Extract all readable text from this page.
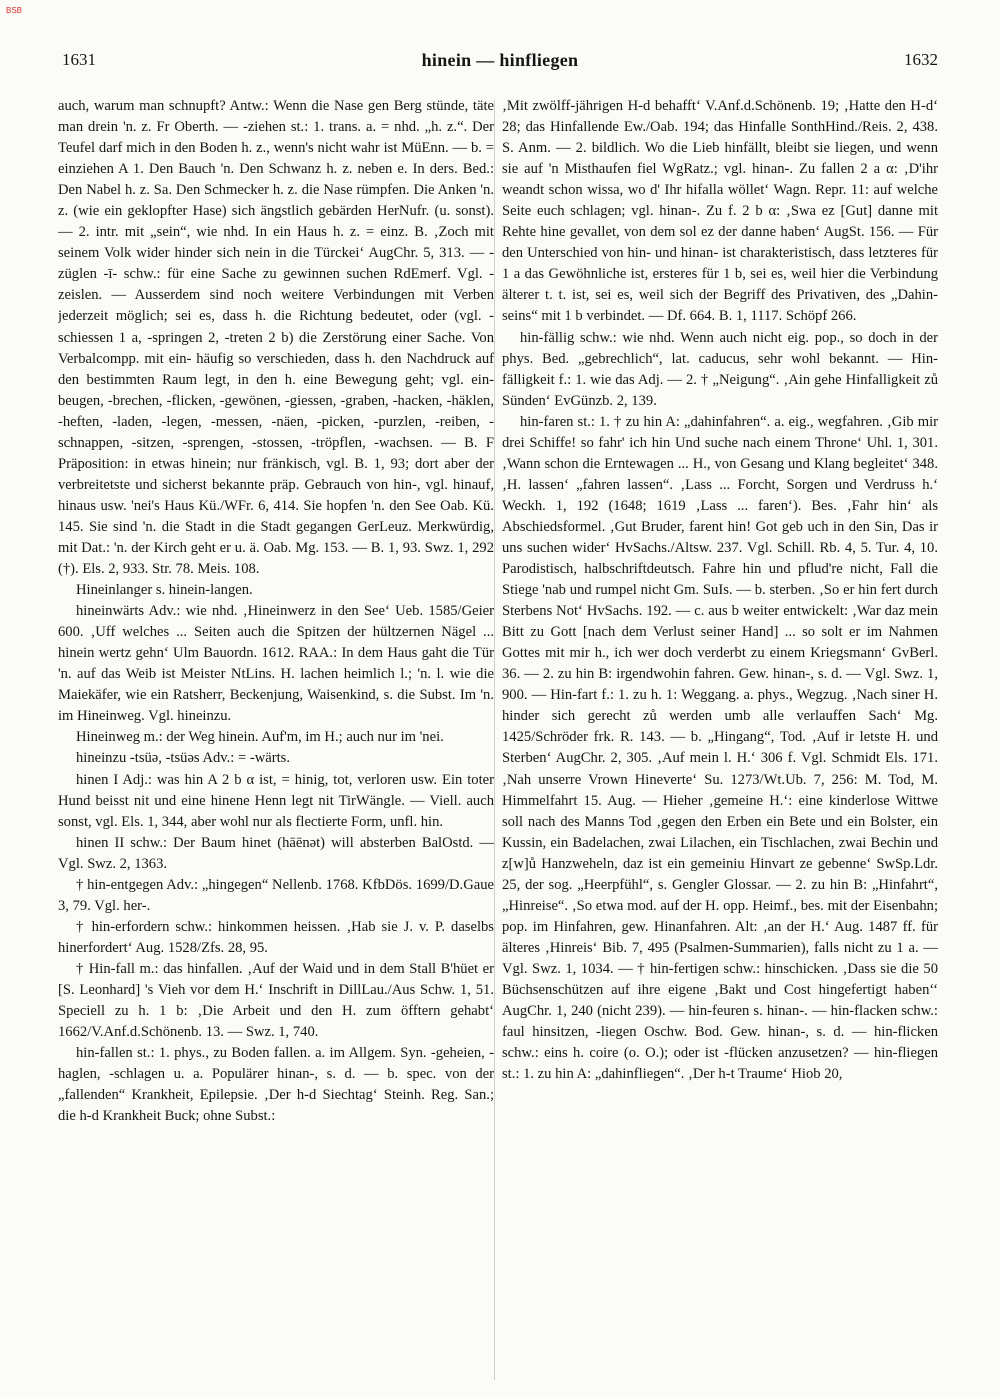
BSB
1631	hinein — hinfliegen	1632

auch, warum man schnupft? Antw.: Wenn die Nase gen Berg stünde, täte man drein 'n. z. Fr Oberth. — -ziehen st.: 1. trans. a. = nhd. „h. z.“. Der Teufel darf mich in den Boden h. z., wenn's nicht wahr ist MüEnn. — b. = einziehen A 1. Den Bauch 'n. Den Schwanz h. z. neben e. In ders. Bed.: Den Nabel h. z. Sa. Den Schmecker h. z. die Nase rümpfen. Die Anken 'n. z. (wie ein geklopfter Hase) sich ängstlich gebärden HerNufr. (u. sonst). — 2. intr. mit „sein“, wie nhd. In ein Haus h. z. = einz. B. ‚Zoch mit seinem Volk wider hinder sich nein in die Türckei‘ AugChr. 5, 313. — -züglen -ī- schw.: für eine Sache zu gewinnen suchen RdEmerf. Vgl. -zeislen. — Ausserdem sind noch weitere Verbindungen mit Verben jederzeit möglich; sei es, dass h. die Richtung bedeutet, oder (vgl. -schiessen 1 a, -springen 2, -treten 2 b) die Zerstörung einer Sache. Von Verbalcompp. mit ein- häufig so verschieden, dass h. den Nachdruck auf den bestimmten Raum legt, in den h. eine Bewegung geht; vgl. ein-beugen, -brechen, -flicken, -gewönen, -giessen, -graben, -hacken, -häklen, -heften, -laden, -legen, -messen, -näen, -picken, -purzlen, -reiben, -schnappen, -sitzen, -sprengen, -stossen, -tröpflen, -wachsen. — B. F Präposition: in etwas hinein; nur fränkisch, vgl. B. 1, 93; dort aber der verbreitetste und sicherst bekannte präp. Gebrauch von hin-, vgl. hinauf, hinaus usw. 'nei's Haus Kü./WFr. 6, 414. Sie hopfen 'n. den See Oab. Kü. 145. Sie sind 'n. die Stadt in die Stadt gegangen GerLeuz. Merkwürdig, mit Dat.: 'n. der Kirch geht er u. ä. Oab. Mg. 153. — B. 1, 93. Swz. 1, 292 (†). Els. 2, 933. Str. 78. Meis. 108.

Hineinlanger s. hinein-langen.

hineinwärts Adv.: wie nhd. ‚Hineinwerz in den See‘ Ueb. 1585/Geier 600. ‚Uff welches ... Seiten auch die Spitzen der hültzernen Nägel ... hinein wertz gehn‘ Ulm Bauordn. 1612. RAA.: In dem Haus gaht die Tür 'n. auf das Weib ist Meister NtLins. H. lachen heimlich l.; 'n. l. wie die Maiekäfer, wie ein Ratsherr, Beckenjung, Waisenkind, s. die Subst. Im 'n. im Hineinweg. Vgl. hineinzu.

Hineinweg m.: der Weg hinein. Auf'm, im H.; auch nur im 'nei.

hineinzu -tsüə, -tsüəs Adv.: = -wärts.

hinen I Adj.: was hin A 2 b α ist, = hinig, tot, verloren usw. Ein toter Hund beisst nit und eine hinene Henn legt nit TirWängle. — Viell. auch sonst, vgl. Els. 1, 344, aber wohl nur als flectierte Form, unfl. hin.

hinen II schw.: Der Baum hinet (hāēnət) will absterben BalOstd. — Vgl. Swz. 2, 1363.

† hin-entgegen Adv.: „hingegen“ Nellenb. 1768. KfbDös. 1699/D.Gaue 3, 79. Vgl. her-.

† hin-erfordern schw.: hinkommen heissen. ‚Hab sie J. v. P. daselbs hinerfordert‘ Aug. 1528/Zfs. 28, 95.

† Hin-fall m.: das hinfallen. ‚Auf der Waid und in dem Stall B'hüet er [S. Leonhard] 's Vieh vor dem H.‘ Inschrift in DillLau./Aus Schw. 1, 51. Speciell zu h. 1 b: ‚Die Arbeit und den H. zum öfftern gehabt‘ 1662/V.Anf.d.Schönenb. 13. — Swz. 1, 740.

hin-fallen st.: 1. phys., zu Boden fallen. a. im Allgem. Syn. -geheien, -haglen, -schlagen u. a. Populärer hinan-, s. d. — b. spec. von der „fallenden“ Krankheit, Epilepsie. ‚Der h-d Siechtag‘ Steinh. Reg. San.; die h-d Krankheit Buck; ohne Subst.:

‚Mit zwölff-jährigen H-d behafft‘ V.Anf.d.Schönenb. 19; ‚Hatte den H-d‘ 28; das Hinfallende Ew./Oab. 194; das Hinfalle SonthHind./Reis. 2, 438. S. Anm. — 2. bildlich. Wo die Lieb hinfällt, bleibt sie liegen, und wenn sie auf 'n Misthaufen fiel WgRatz.; vgl. hinan-. Zu fallen 2 a α: ‚D'ihr weandt schon wissa, wo d' Ihr hifalla wöllet‘ Wagn. Repr. 11: auf welche Seite euch schlagen; vgl. hinan-. Zu f. 2 b α: ‚Swa ez [Gut] danne mit Rehte hine gevallet, von dem sol ez der danne haben‘ AugSt. 156. — Für den Unterschied von hin- und hinan- ist charakteristisch, dass letzteres für 1 a das Gewöhnliche ist, ersteres für 1 b, sei es, weil hier die Verbindung älterer t. t. ist, sei es, weil sich der Begriff des Privativen, des „Dahin-seins“ mit 1 b verbindet. — Df. 664. B. 1, 1117. Schöpf 266.

hin-fällig schw.: wie nhd. Wenn auch nicht eig. pop., so doch in der phys. Bed. „gebrechlich“, lat. caducus, sehr wohl bekannt. — Hin-fälligkeit f.: 1. wie das Adj. — 2. † „Neigung“. ‚Ain gehe Hinfalligkeit zů Sünden‘ EvGünzb. 2, 139.

hin-faren st.: 1. † zu hin A: „dahinfahren“. a. eig., wegfahren. ‚Gib mir drei Schiffe! so fahr' ich hin Und suche nach einem Throne‘ Uhl. 1, 301. ‚Wann schon die Erntewagen ... H., von Gesang und Klang begleitet‘ 348. ‚H. lassen‘ „fahren lassen“. ‚Lass ... Forcht, Sorgen und Verdruss h.‘ Weckh. 1, 192 (1648; 1619 ‚Lass ... faren‘). Bes. ‚Fahr hin‘ als Abschiedsformel. ‚Gut Bruder, farent hin! Got geb uch in den Sin, Das ir uns suchen wider‘ HvSachs./Altsw. 237. Vgl. Schill. Rb. 4, 5. Tur. 4, 10. Parodistisch, halbschriftdeutsch. Fahre hin und pflud're nicht, Fall die Stiege 'nab und rumpel nicht Gm. SuIs. — b. sterben. ‚So er hin fert durch Sterbens Not‘ HvSachs. 192. — c. aus b weiter entwickelt: ‚War daz mein Bitt zu Gott [nach dem Verlust seiner Hand] ... so solt er im Nahmen Gottes mit mir h., ich wer doch verderbt zu einem Kriegsmann‘ GvBerl. 36. — 2. zu hin B: irgendwohin fahren. Gew. hinan-, s. d. — Vgl. Swz. 1, 900. — Hin-fart f.: 1. zu h. 1: Weggang. a. phys., Wegzug. ‚Nach siner H. hinder sich gerecht zů werden umb alle verlauffen Sach‘ Mg. 1425/Schröder frk. R. 143. — b. „Hingang“, Tod. ‚Auf ir letste H. und Sterben‘ AugChr. 2, 305. ‚Auf mein l. H.‘ 306 f. Vgl. Schmidt Els. 171. ‚Nah unserre Vrown Hineverte‘ Su. 1273/Wt.Ub. 7, 256: M. Tod, M. Himmelfahrt 15. Aug. — Hieher ‚gemeine H.‘: eine kinderlose Wittwe soll nach des Manns Tod ‚gegen den Erben ein Bete und ein Bolster, ein Kussin, ein Badelachen, zwai Lilachen, ein Tischlachen, zwai Bechin und z[w]ů Hanzweheln, daz ist ein gemeiniu Hinvart ze gebenne‘ SwSp.Ldr. 25, der sog. „Heerpfühl“, s. Gengler Glossar. — 2. zu hin B: „Hinfahrt“, „Hinreise“. ‚So etwa mod. auf der H. opp. Heimf., bes. mit der Eisenbahn; pop. im Hinfahren, gew. Hinanfahren. Alt: ‚an der H.‘ Aug. 1487 ff. für älteres ‚Hinreis‘ Bib. 7, 495 (Psalmen-Summarien), falls nicht zu 1 a. — Vgl. Swz. 1, 1034. — † hin-fertigen schw.: hinschicken. ‚Dass sie die 50 Büchsenschützen auf ihre eigene ‚Bakt und Cost hingefertigt haben‘‘ AugChr. 1, 240 (nicht 239). — hin-feuren s. hinan-. — hin-flacken schw.: faul hinsitzen, -liegen Oschw. Bod. Gew. hinan-, s. d. — hin-flicken schw.: eins h. coire (o. O.); oder ist -flücken anzusetzen? — hin-fliegen st.: 1. zu hin A: „dahinfliegen“. ‚Der h-t Traume‘ Hiob 20,
